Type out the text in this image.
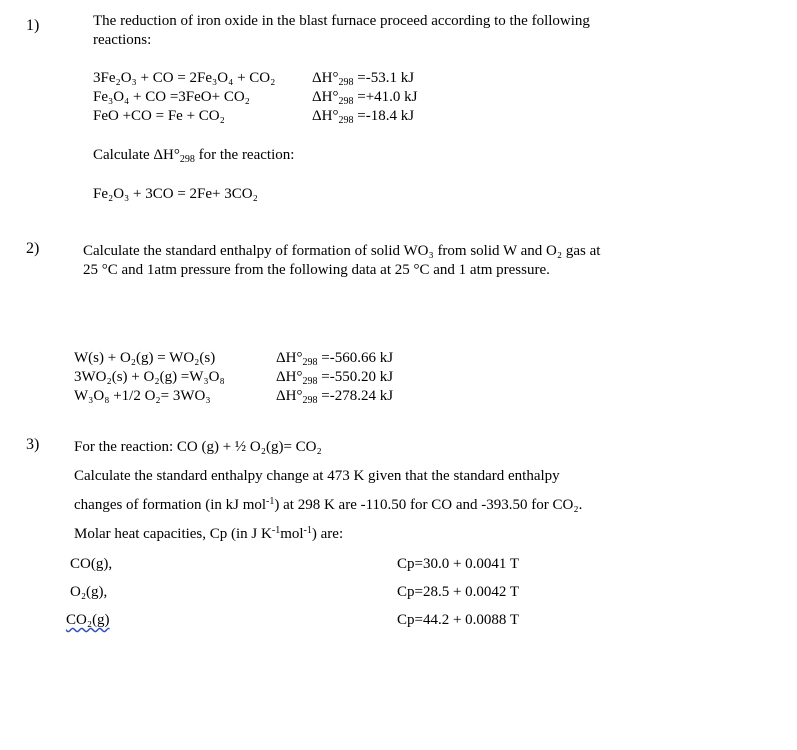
1)	The reduction of iron oxide in the blast furnace proceed according to the following
reactions:
3Fe₂O₃ + CO = 2Fe₃O₄ + CO₂ $\Delta H^\circ_{298} =-53.1$ kJ
Fe₃O₄ + CO =3FeO+ CO₂	$\Delta H^\circ_{298} =+41.0$ kJ
FeO +CO = Fe + CO₂	$\Delta H^\circ_{298} =-18.4$ kJ
Calculate $\Delta H^\circ_{298}$ for the reaction:
Fe₂O₃ + 3CO = 2Fe+ 3CO₂
2)	Calculate the standard enthalpy of formation of solid WO₃ from solid W and O₂ gas at
25 °C and 1atm pressure from the following data at 25 °C and 1 atm pressure.
W(s) + O₂(g) = WO₂(s)	$\Delta H^\circ_{298} =-560.66$ kJ
3WO₂(s) + O₂(g) =W₃O₈	$\Delta H^\circ_{298} =-550.20$ kJ
W₃O₈ +1/2 O₂= 3WO₃	$\Delta H^\circ_{298} =-278.24$ kJ
3) For the reaction: CO (g) + ½ O₂(g)= CO₂
Calculate the standard enthalpy change at 473 K given that the standard enthalpy
changes of formation (in kJ mol$^{-1}$) at 298 K are -110.50 for CO and -393.50 for CO₂.
Molar heat capacities, Cp (in J $K^{-1}mol^{-1}$) are:
CO(g),	Cp=30.0 + 0.0041 T
O₂(g),	Cp=28.5 + 0.0042 T
CO₂(g)	Cp=44.2 + 0.0088 T
